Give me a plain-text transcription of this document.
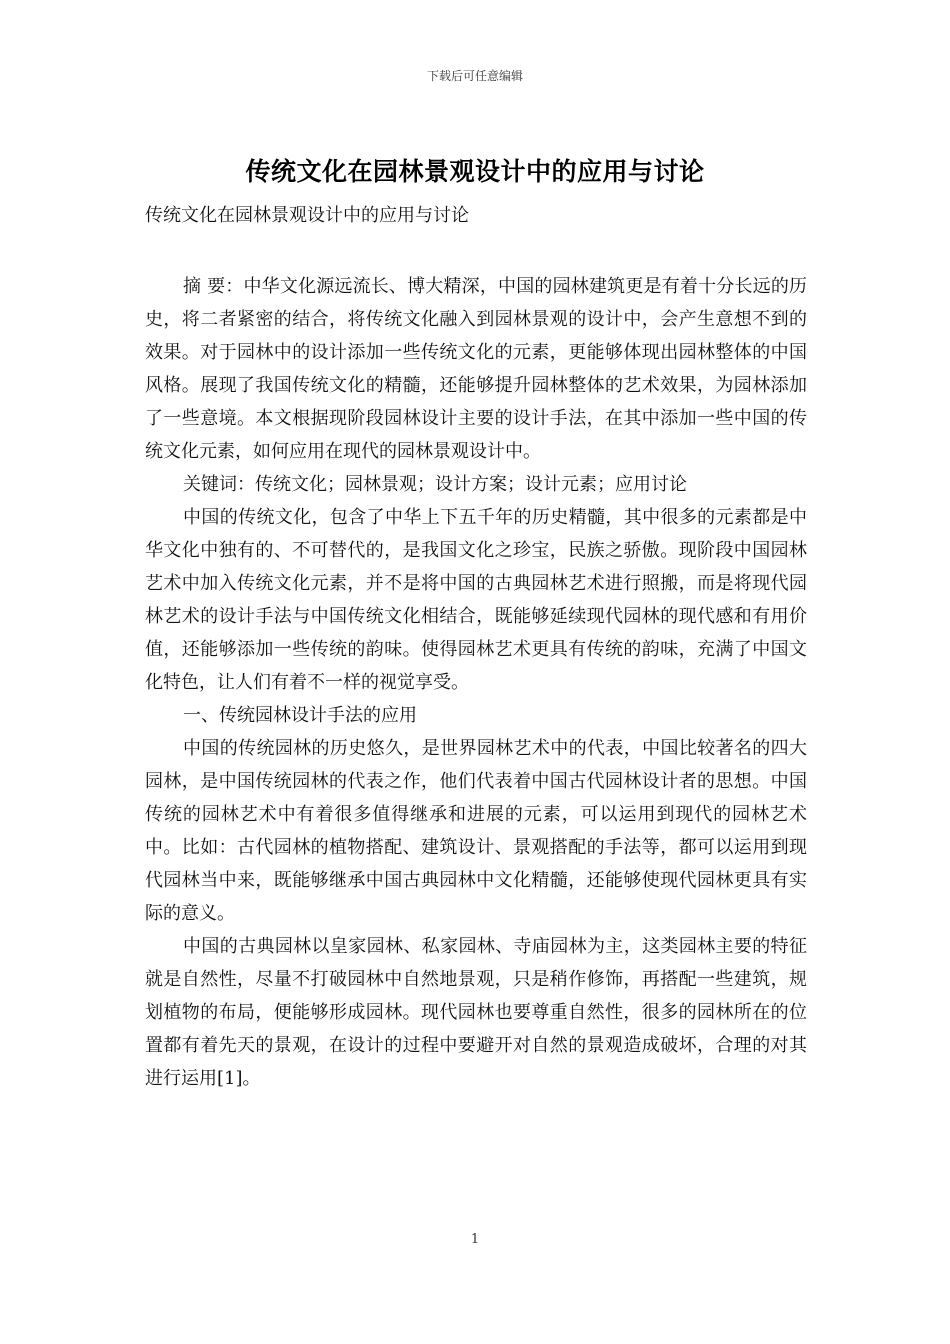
下载后可任意编辑
传统文化在园林景观设计中的应用与讨论
传统文化在园林景观设计中的应用与讨论

摘 要：中华文化源远流长、博大精深，中国的园林建筑更是有着十分长远的历史，将二者紧密的结合，将传统文化融入到园林景观的设计中，会产生意想不到的效果。对于园林中的设计添加一些传统文化的元素，更能够体现出园林整体的中国风格。展现了我国传统文化的精髓，还能够提升园林整体的艺术效果，为园林添加了一些意境。本文根据现阶段园林设计主要的设计手法，在其中添加一些中国的传统文化元素，如何应用在现代的园林景观设计中。

关键词：传统文化；园林景观；设计方案；设计元素；应用讨论

中国的传统文化，包含了中华上下五千年的历史精髓，其中很多的元素都是中华文化中独有的、不可替代的，是我国文化之珍宝，民族之骄傲。现阶段中国园林艺术中加入传统文化元素，并不是将中国的古典园林艺术进行照搬，而是将现代园林艺术的设计手法与中国传统文化相结合，既能够延续现代园林的现代感和有用价值，还能够添加一些传统的韵味。使得园林艺术更具有传统的韵味，充满了中国文化特色，让人们有着不一样的视觉享受。

一、传统园林设计手法的应用

中国的传统园林的历史悠久，是世界园林艺术中的代表，中国比较著名的四大园林，是中国传统园林的代表之作，他们代表着中国古代园林设计者的思想。中国传统的园林艺术中有着很多值得继承和进展的元素，可以运用到现代的园林艺术中。比如：古代园林的植物搭配、建筑设计、景观搭配的手法等，都可以运用到现代园林当中来，既能够继承中国古典园林中文化精髓，还能够使现代园林更具有实际的意义。

中国的古典园林以皇家园林、私家园林、寺庙园林为主，这类园林主要的特征就是自然性，尽量不打破园林中自然地景观，只是稍作修饰，再搭配一些建筑，规划植物的布局，便能够形成园林。现代园林也要尊重自然性，很多的园林所在的位置都有着先天的景观，在设计的过程中要避开对自然的景观造成破坏，合理的对其进行运用[1]。

1
